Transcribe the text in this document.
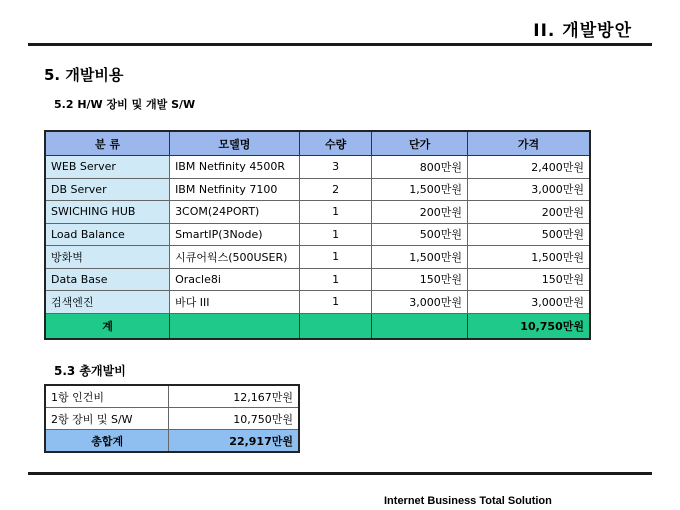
II. 개발방안
5. 개발비용
5.2 H/W 장비 및 개발 S/W
분 류	모델명	수량	단가	가격
WEB Server	IBM Netfinity 4500R	3	800만원	2,400만원
DB Server	IBM Netfinity 7100	2	1,500만원	3,000만원
SWICHING HUB	3COM(24PORT)	1	200만원	200만원
Load Balance	SmartIP(3Node)	1	500만원	500만원
방화벽	시큐어웍스(500USER)	1	1,500만원	1,500만원
Data Base	Oracle8i	1	150만원	150만원
검색엔진	바다 III	1	3,000만원	3,000만원
계				10,750만원
5.3 총개발비
1항 인건비	12,167만원
2항 장비 및 S/W	10,750만원
총합계	22,917만원
Internet Business Total Solution
